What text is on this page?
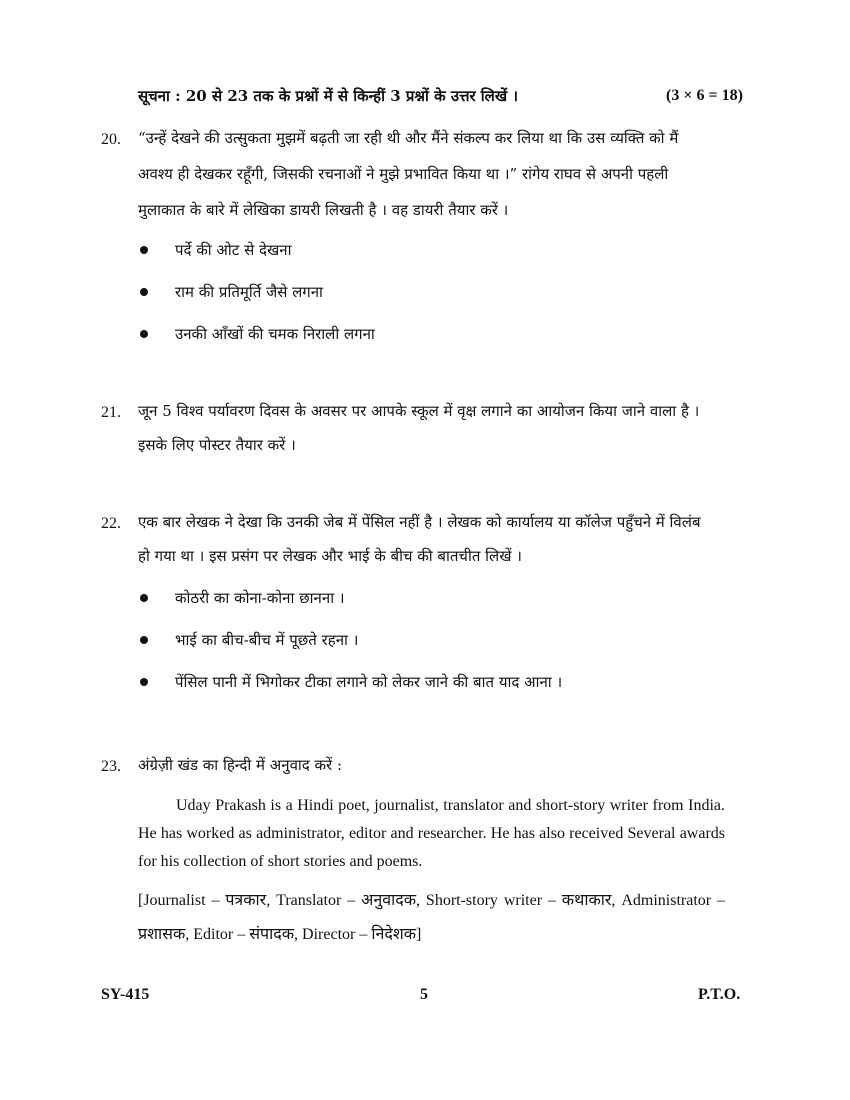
सूचना : 20 से 23 तक के प्रश्नों में से किन्हीं 3 प्रश्नों के उत्तर लिखें ।	(3 × 6 = 18)
20. “उन्हें देखने की उत्सुकता मुझमें बढ़ती जा रही थी और मैंने संकल्प कर लिया था कि उस व्यक्ति को मैं
अवश्य ही देखकर रहूँगी, जिसकी रचनाओं ने मुझे प्रभावित किया था ।” रांगेय राघव से अपनी पहली
मुलाकात के बारे में लेखिका डायरी लिखती है । वह डायरी तैयार करें ।
पर्दे की ओट से देखना
राम की प्रतिमूर्ति जैसे लगना
उनकी आँखों की चमक निराली लगना
21. जून 5 विश्व पर्यावरण दिवस के अवसर पर आपके स्कूल में वृक्ष लगाने का आयोजन किया जाने वाला है ।
इसके लिए पोस्टर तैयार करें ।
22. एक बार लेखक ने देखा कि उनकी जेब में पेंसिल नहीं है । लेखक को कार्यालय या कॉलेज पहुँचने में विलंब
हो गया था । इस प्रसंग पर लेखक और भाई के बीच की बातचीत लिखें ।
कोठरी का कोना-कोना छानना ।
भाई का बीच-बीच में पूछते रहना ।
पेंसिल पानी में भिगोकर टीका लगाने को लेकर जाने की बात याद आना ।
23. अंग्रेज़ी खंड का हिन्दी में अनुवाद करें :
Uday Prakash is a Hindi poet, journalist, translator and short-story writer from India. He has worked as administrator, editor and researcher. He has also received Several awards for his collection of short stories and poems.
[Journalist – पत्रकार, Translator – अनुवादक, Short-story writer – कथाकार, Administrator – प्रशासक, Editor – संपादक, Director – निदेशक]
SY-415	5	P.T.O.
